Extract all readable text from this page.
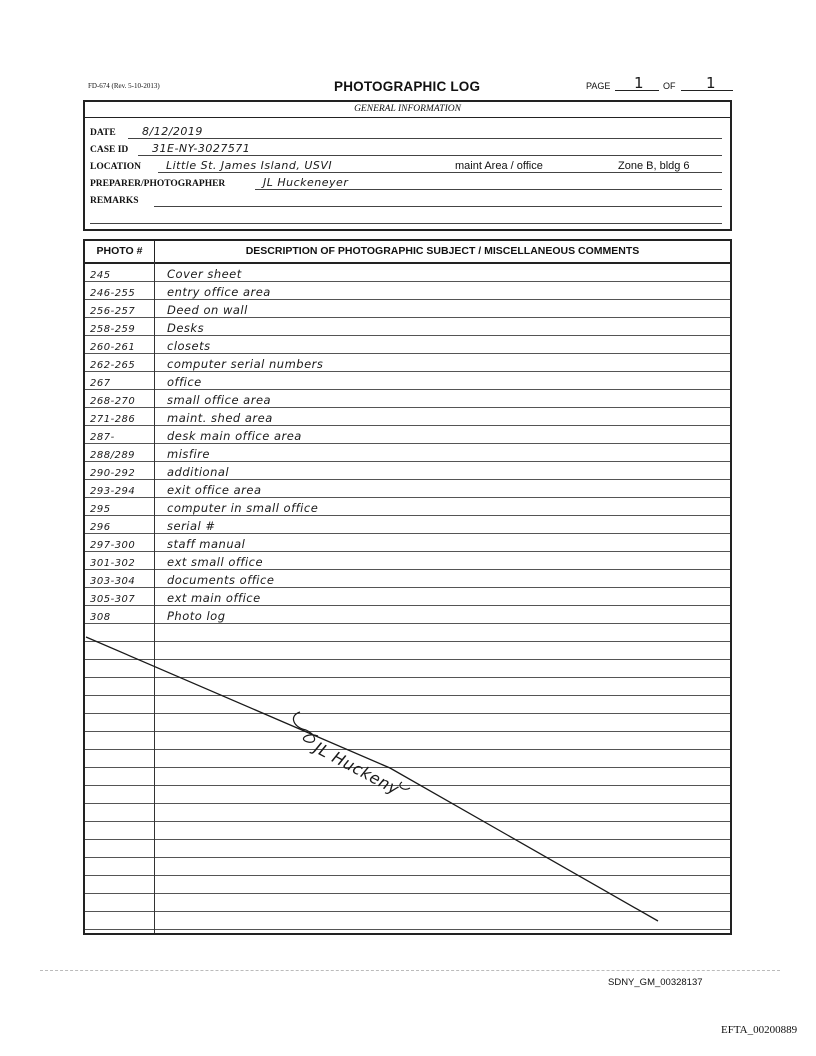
FD-674 (Rev. 5-10-2013)	PHOTOGRAPHIC LOG	PAGE 1 OF 1
GENERAL INFORMATION
DATE 8/12/2019
CASE ID 31E-NY-3027571
LOCATION Little St. James Island, USVI	maint Area / office	Zone B, bldg 6
PREPARER/PHOTOGRAPHER	JL Huckeneyer
REMARKS
PHOTO #	DESCRIPTION OF PHOTOGRAPHIC SUBJECT / MISCELLANEOUS COMMENTS
245	Cover sheet
246-255	entry office area
256-257	Deed on wall
258-259	Desks
260-261	closets
262-265	computer serial numbers
267	office
268-270	small office area
271-286	maint. shed area
287-	desk main office area
288/289	misfire
290-292	additional
293-294	exit office area
295	computer in small office
296	serial #
297-300	staff manual
301-302	ext small office
303-304	documents office
305-307	ext main office
308	Photo log
JL Huckeny
SDNY_GM_00328137
EFTA_00200889
